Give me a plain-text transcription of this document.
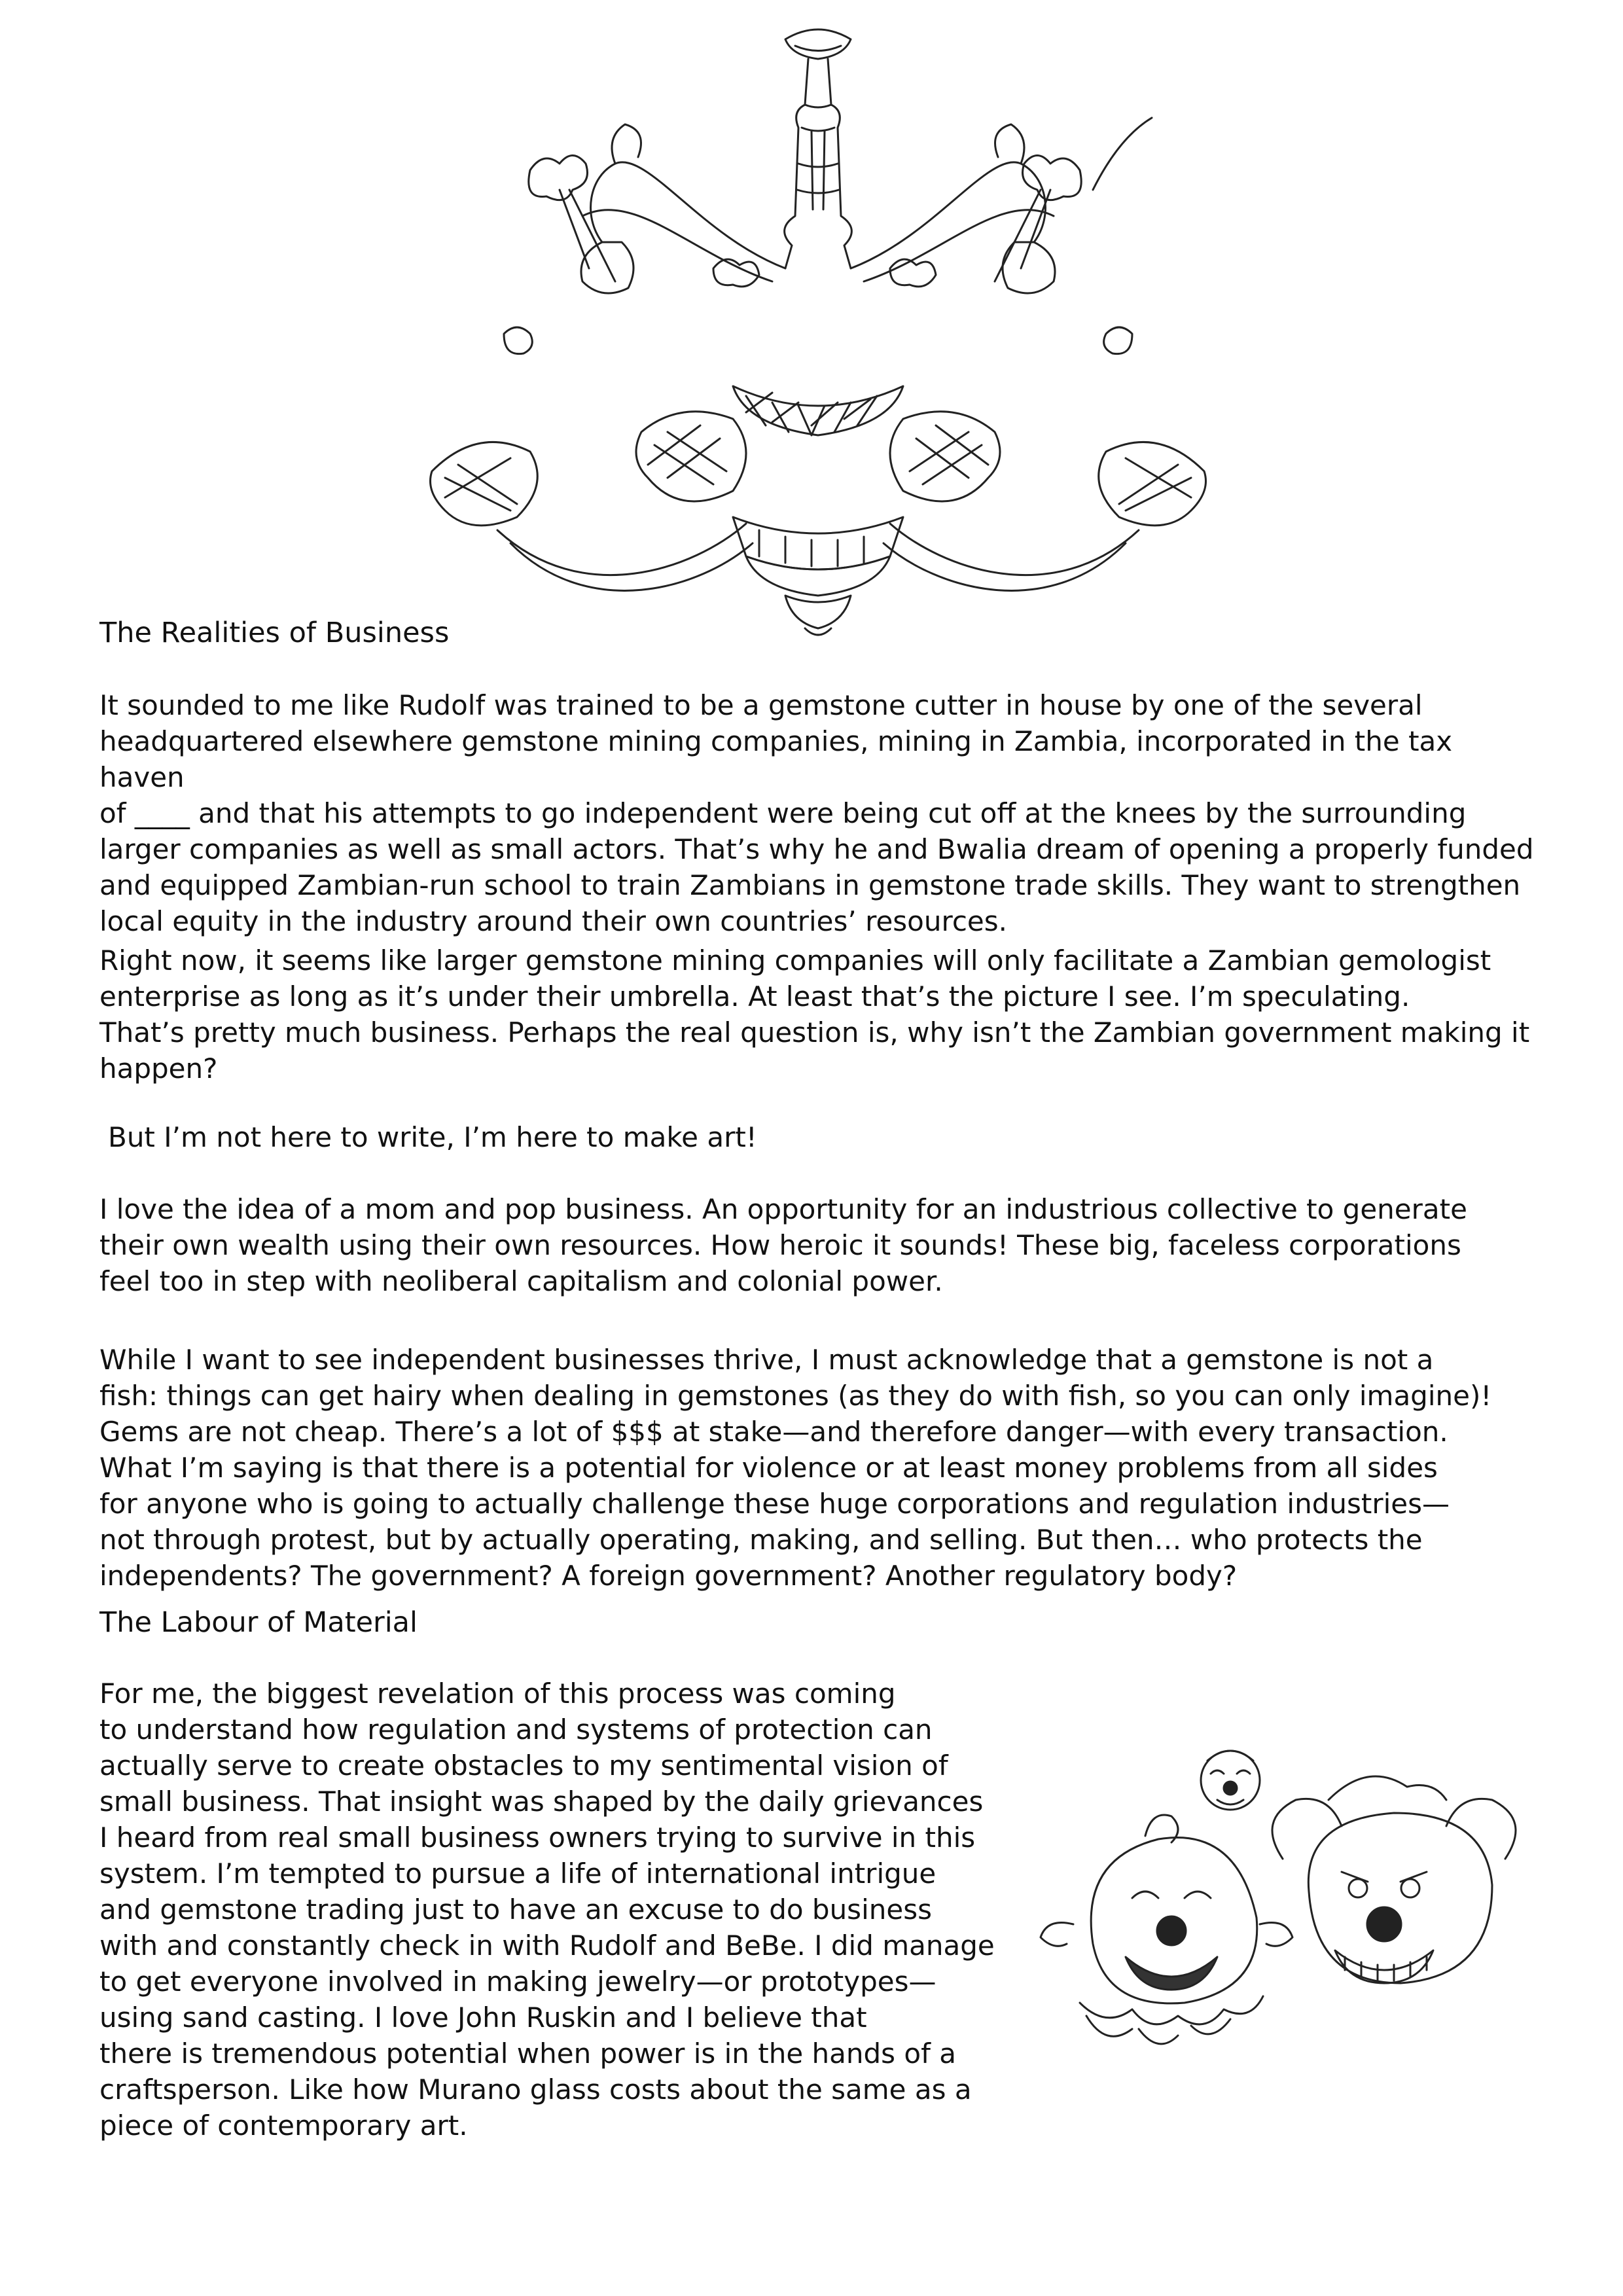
The Realities of Business

It sounded to me like Rudolf was trained to be a gemstone cutter in house by one of the several
headquartered elsewhere gemstone mining companies, mining in Zambia, incorporated in the tax haven
of ____ and that his attempts to go independent were being cut off at the knees by the surrounding
larger companies as well as small actors. That’s why he and Bwalia dream of opening a properly funded
and equipped Zambian-run school to train Zambians in gemstone trade skills. They want to strengthen
local equity in the industry around their own countries’ resources.

Right now, it seems like larger gemstone mining companies will only facilitate a Zambian gemologist
enterprise as long as it’s under their umbrella. At least that’s the picture I see. I’m speculating.
That’s pretty much business. Perhaps the real question is, why isn’t the Zambian government making it
happen?

But I’m not here to write, I’m here to make art!

I love the idea of a mom and pop business. An opportunity for an industrious collective to generate
their own wealth using their own resources. How heroic it sounds! These big, faceless corporations
feel too in step with neoliberal capitalism and colonial power.

While I want to see independent businesses thrive, I must acknowledge that a gemstone is not a
fish: things can get hairy when dealing in gemstones (as they do with fish, so you can only imagine)!
Gems are not cheap. There’s a lot of $$$ at stake—and therefore danger—with every transaction.
What I’m saying is that there is a potential for violence or at least money problems from all sides
for anyone who is going to actually challenge these huge corporations and regulation industries—
not through protest, but by actually operating, making, and selling. But then… who protects the
independents? The government? A foreign government? Another regulatory body?

The Labour of Material

For me, the biggest revelation of this process was coming
to understand how regulation and systems of protection can
actually serve to create obstacles to my sentimental vision of
small business. That insight was shaped by the daily grievances
I heard from real small business owners trying to survive in this
system. I’m tempted to pursue a life of international intrigue
and gemstone trading just to have an excuse to do business
with and constantly check in with Rudolf and BeBe. I did manage
to get everyone involved in making jewelry—or prototypes—
using sand casting. I love John Ruskin and I believe that
there is tremendous potential when power is in the hands of a
craftsperson. Like how Murano glass costs about the same as a
piece of contemporary art.
